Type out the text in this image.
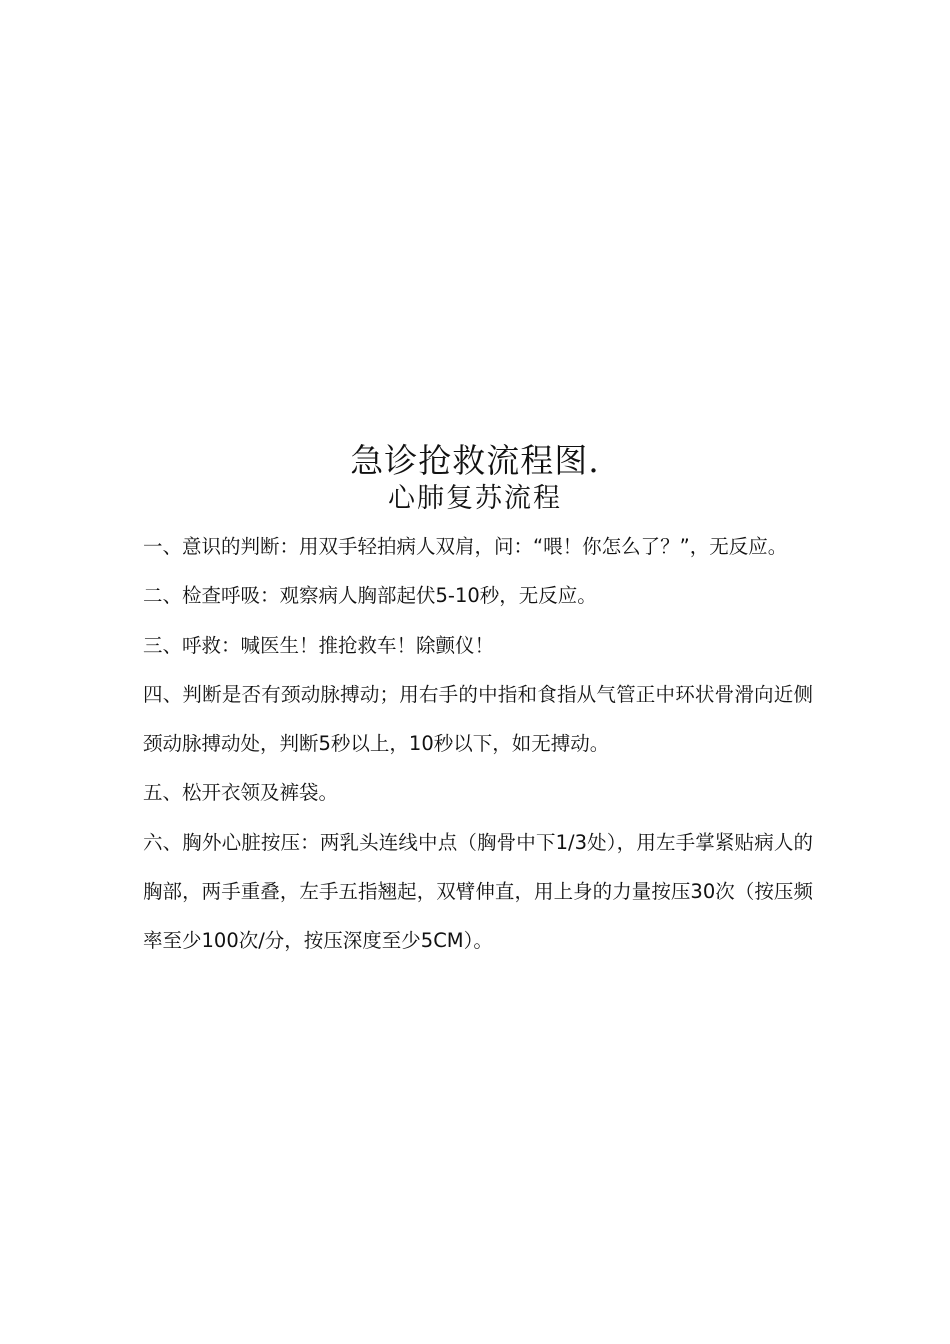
急诊抢救流程图.
心肺复苏流程

一、意识的判断：用双手轻拍病人双肩，问：“喂！你怎么了？”，无反应。

二、检查呼吸：观察病人胸部起伏5-10秒，无反应。

三、呼救：喊医生！推抢救车！除颤仪！

四、判断是否有颈动脉搏动；用右手的中指和食指从气管正中环状骨滑向近侧颈动脉搏动处，判断5秒以上，10秒以下，如无搏动。

五、松开衣领及裤袋。

六、胸外心脏按压：两乳头连线中点（胸骨中下1/3处），用左手掌紧贴病人的胸部，两手重叠，左手五指翘起，双臂伸直，用上身的力量按压30次（按压频率至少100次/分，按压深度至少5CM）。
